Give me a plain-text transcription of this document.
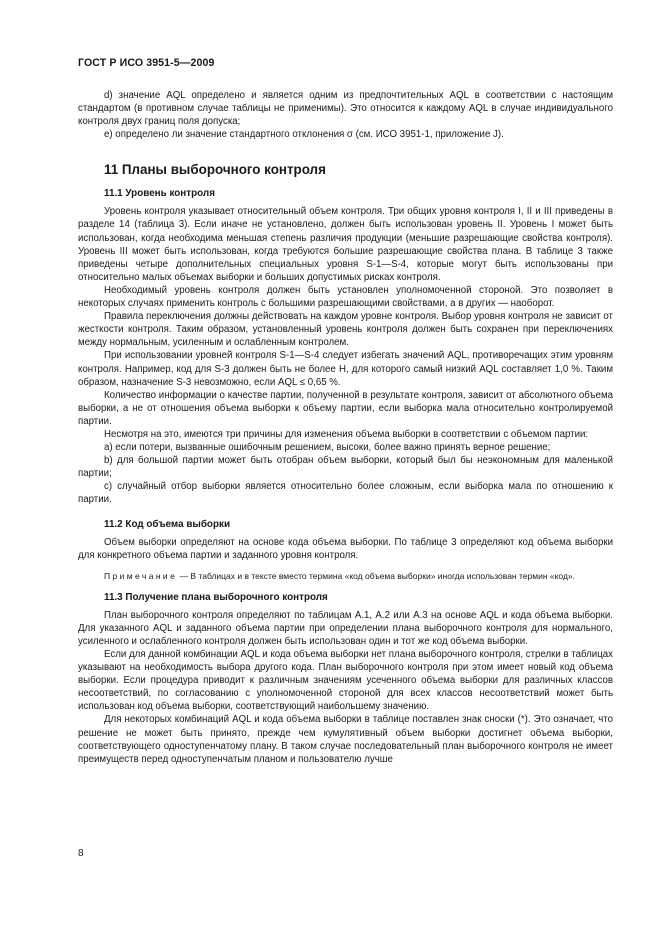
ГОСТ Р ИСО 3951-5—2009

d) значение AQL определено и является одним из предпочтительных AQL в соответствии с настоящим стандартом (в противном случае таблицы не применимы). Это относится к каждому AQL в случае индивидуального контроля двух границ поля допуска;

e) определено ли значение стандартного отклонения σ (см. ИСО 3951-1, приложение J).

11 Планы выборочного контроля
11.1 Уровень контроля

Уровень контроля указывает относительный объем контроля. Три общих уровня контроля I, II и III приведены в разделе 14 (таблица 3). Если иначе не установлено, должен быть использован уровень II. Уровень I может быть использован, когда необходима меньшая степень различия продукции (меньшие разрешающие свойства контроля). Уровень III может быть использован, когда требуются большие разрешающие свойства плана. В таблице 3 также приведены четыре дополнительных специальных уровня S-1—S-4, которые могут быть использованы при относительно малых объемах выборки и больших допустимых рисках контроля.

Необходимый уровень контроля должен быть установлен уполномоченной стороной. Это позволяет в некоторых случаях применить контроль с большими разрешающими свойствами, а в других — наоборот.

Правила переключения должны действовать на каждом уровне контроля. Выбор уровня контроля не зависит от жесткости контроля. Таким образом, установленный уровень контроля должен быть сохранен при переключениях между нормальным, усиленным и ослабленным контролем.

При использовании уровней контроля S-1—S-4 следует избегать значений AQL, противоречащих этим уровням контроля. Например, код для S-3 должен быть не более Н, для которого самый низкий AQL составляет 1,0 %. Таким образом, назначение S-3 невозможно, если AQL ≤ 0,65 %.

Количество информации о качестве партии, полученной в результате контроля, зависит от абсолютного объема выборки, а не от отношения объема выборки к объему партии, если выборка мала относительно контролируемой партии.

Несмотря на это, имеются три причины для изменения объема выборки в соответствии с объемом партии:

a) если потери, вызванные ошибочным решением, высоки, более важно принять верное решение;

b) для большой партии может быть отобран объем выборки, который был бы неэкономным для маленькой партии;

c) случайный отбор выборки является относительно более сложным, если выборка мала по отношению к партии.

11.2 Код объема выборки

Объем выборки определяют на основе кода объема выборки. По таблице 3 определяют код объема выборки для конкретного объема партии и заданного уровня контроля.

Примечание — В таблицах и в тексте вместо термина «код объема выборки» иногда использован термин «код».

11.3 Получение плана выборочного контроля

План выборочного контроля определяют по таблицам А.1, А.2 или А.3 на основе AQL и кода объема выборки. Для указанного AQL и заданного объема партии при определении плана выборочного контроля для нормального, усиленного и ослабленного контроля должен быть использован один и тот же код объема выборки.

Если для данной комбинации AQL и кода объема выборки нет плана выборочного контроля, стрелки в таблицах указывают на необходимость выбора другого кода. План выборочного контроля при этом имеет новый код объема выборки. Если процедура приводит к различным значениям усеченного объема выборки для различных классов несоответствий, по согласованию с уполномоченной стороной для всех классов несоответствий может быть использован код объема выборки, соответствующий наибольшему значению.

Для некоторых комбинаций AQL и кода объема выборки в таблице поставлен знак сноски (*). Это означает, что решение не может быть принято, прежде чем кумулятивный объем выборки достигнет объема выборки, соответствующего одноступенчатому плану. В таком случае последовательный план выборочного контроля не имеет преимуществ перед одноступенчатым планом и пользователю лучше

8
